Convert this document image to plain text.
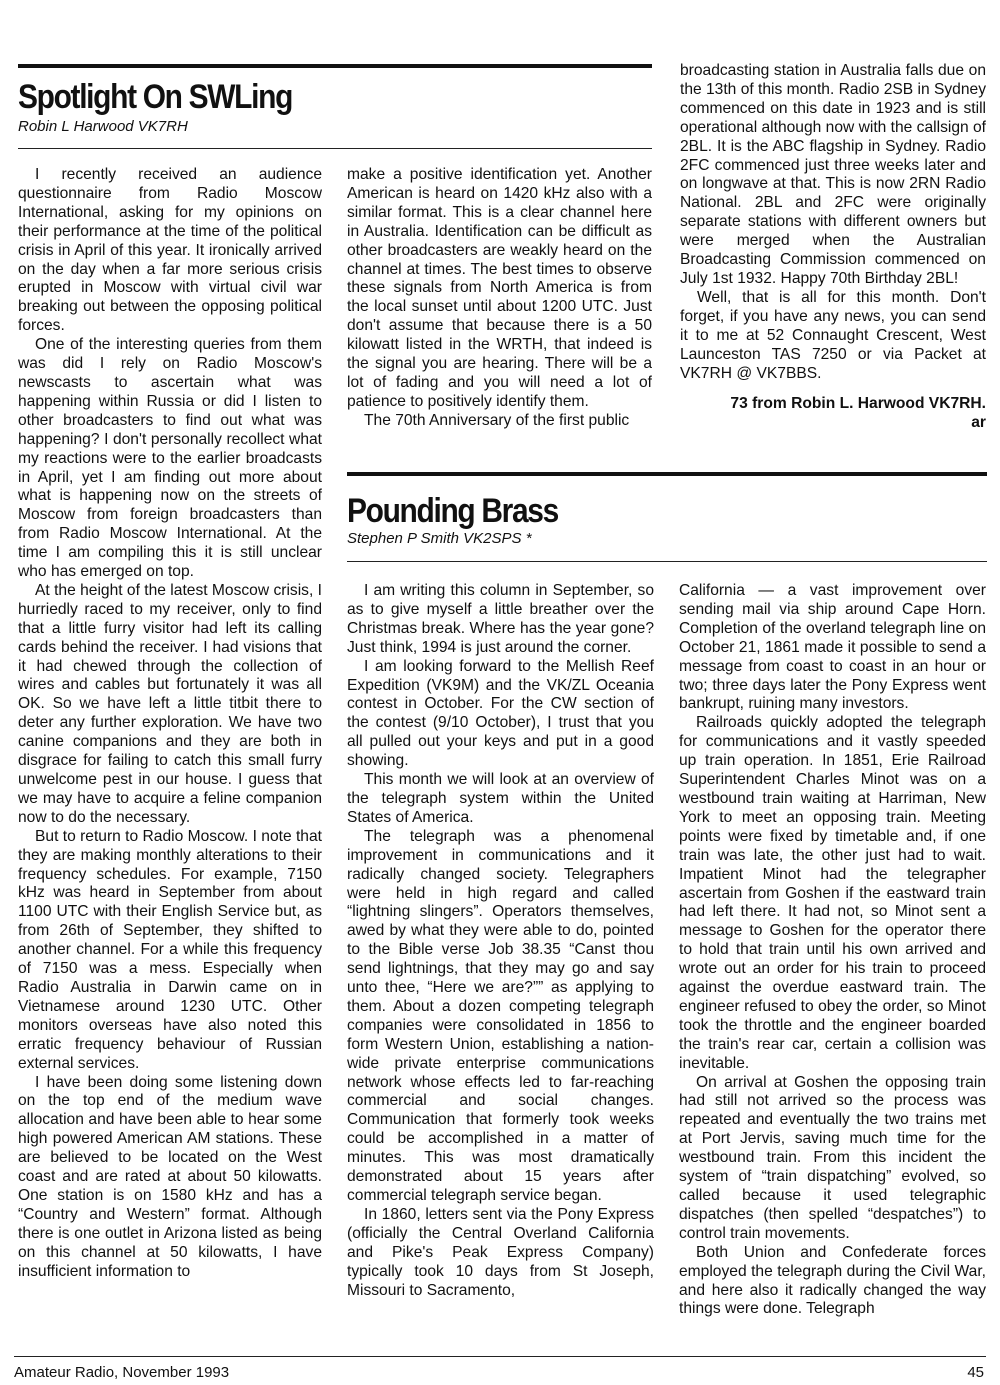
Spotlight On SWLing
Robin L Harwood VK7RH

I recently received an audience questionnaire from Radio Moscow International, asking for my opinions on their performance at the time of the political crisis in April of this year. It ironically arrived on the day when a far more serious crisis erupted in Moscow with virtual civil war breaking out between the opposing political forces.

One of the interesting queries from them was did I rely on Radio Moscow's newscasts to ascertain what was happening within Russia or did I listen to other broadcasters to find out what was happening? I don't personally recollect what my reactions were to the earlier broadcasts in April, yet I am finding out more about what is happening now on the streets of Moscow from foreign broadcasters than from Radio Moscow International. At the time I am compiling this it is still unclear who has emerged on top.

At the height of the latest Moscow crisis, I hurriedly raced to my receiver, only to find that a little furry visitor had left its calling cards behind the receiver. I had visions that it had chewed through the collection of wires and cables but fortunately it was all OK. So we have left a little titbit there to deter any further exploration. We have two canine companions and they are both in disgrace for failing to catch this small furry unwelcome pest in our house. I guess that we may have to acquire a feline companion now to do the necessary.

But to return to Radio Moscow. I note that they are making monthly alterations to their frequency schedules. For example, 7150 kHz was heard in September from about 1100 UTC with their English Service but, as from 26th of September, they shifted to another channel. For a while this frequency of 7150 was a mess. Especially when Radio Australia in Darwin came on in Vietnamese around 1230 UTC. Other monitors overseas have also noted this erratic frequency behaviour of Russian external services.

I have been doing some listening down on the top end of the medium wave allocation and have been able to hear some high powered American AM stations. These are believed to be located on the West coast and are rated at about 50 kilowatts. One station is on 1580 kHz and has a “Country and Western” format. Although there is one outlet in Arizona listed as being on this channel at 50 kilowatts, I have insufficient information to

make a positive identification yet. Another American is heard on 1420 kHz also with a similar format. This is a clear channel here in Australia. Identification can be difficult as other broadcasters are weakly heard on the channel at times. The best times to observe these signals from North America is from the local sunset until about 1200 UTC. Just don't assume that because there is a 50 kilowatt listed in the WRTH, that indeed is the signal you are hearing. There will be a lot of fading and you will need a lot of patience to positively identify them.

The 70th Anniversary of the first public

broadcasting station in Australia falls due on the 13th of this month. Radio 2SB in Sydney commenced on this date in 1923 and is still operational although now with the callsign of 2BL. It is the ABC flagship in Sydney. Radio 2FC commenced just three weeks later and on longwave at that. This is now 2RN Radio National. 2BL and 2FC were originally separate stations with different owners but were merged when the Australian Broadcasting Commission commenced on July 1st 1932. Happy 70th Birthday 2BL!

Well, that is all for this month. Don't forget, if you have any news, you can send it to me at 52 Connaught Crescent, West Launceston TAS 7250 or via Packet at VK7RH @ VK7BBS.

73 from Robin L. Harwood VK7RH.

ar

Pounding Brass
Stephen P Smith VK2SPS *

I am writing this column in September, so as to give myself a little breather over the Christmas break. Where has the year gone? Just think, 1994 is just around the corner.

I am looking forward to the Mellish Reef Expedition (VK9M) and the VK/ZL Oceania contest in October. For the CW section of the contest (9/10 October), I trust that you all pulled out your keys and put in a good showing.

This month we will look at an overview of the telegraph system within the United States of America.

The telegraph was a phenomenal improvement in communications and it radically changed society. Telegraphers were held in high regard and called “lightning slingers”. Operators themselves, awed by what they were able to do, pointed to the Bible verse Job 38.35 “Canst thou send lightnings, that they may go and say unto thee, “Here we are?”” as applying to them. About a dozen competing telegraph companies were consolidated in 1856 to form Western Union, establishing a nation-wide private enterprise communications network whose effects led to far-reaching commercial and social changes. Communication that formerly took weeks could be accomplished in a matter of minutes. This was most dramatically demonstrated about 15 years after commercial telegraph service began.

In 1860, letters sent via the Pony Express (officially the Central Overland California and Pike's Peak Express Company) typically took 10 days from St Joseph, Missouri to Sacramento,

California — a vast improvement over sending mail via ship around Cape Horn. Completion of the overland telegraph line on October 21, 1861 made it possible to send a message from coast to coast in an hour or two; three days later the Pony Express went bankrupt, ruining many investors.

Railroads quickly adopted the telegraph for communications and it vastly speeded up train operation. In 1851, Erie Railroad Superintendent Charles Minot was on a westbound train waiting at Harriman, New York to meet an opposing train. Meeting points were fixed by timetable and, if one train was late, the other just had to wait. Impatient Minot had the telegrapher ascertain from Goshen if the eastward train had left there. It had not, so Minot sent a message to Goshen for the operator there to hold that train until his own arrived and wrote out an order for his train to proceed against the overdue eastward train. The engineer refused to obey the order, so Minot took the throttle and the engineer boarded the train's rear car, certain a collision was inevitable.

On arrival at Goshen the opposing train had still not arrived so the process was repeated and eventually the two trains met at Port Jervis, saving much time for the westbound train. From this incident the system of “train dispatching” evolved, so called because it used telegraphic dispatches (then spelled “despatches”) to control train movements.

Both Union and Confederate forces employed the telegraph during the Civil War, and here also it radically changed the way things were done. Telegraph

Amateur Radio, November 1993	45
